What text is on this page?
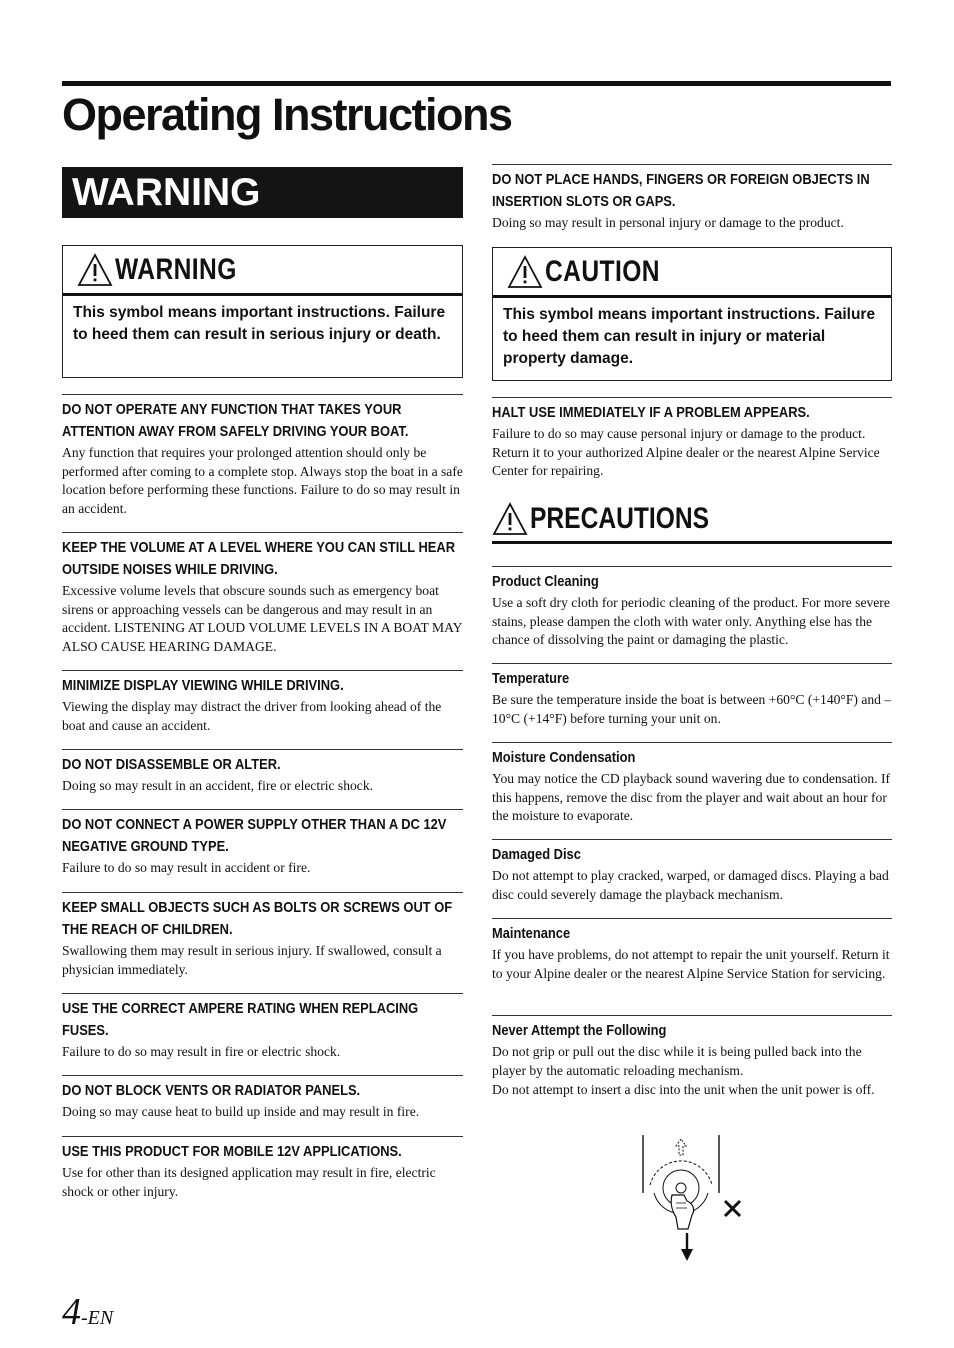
Operating Instructions
WARNING
WARNING
This symbol means important instructions. Failure to heed them can result in serious injury or death.
DO NOT OPERATE ANY FUNCTION THAT TAKES YOUR ATTENTION AWAY FROM SAFELY DRIVING YOUR BOAT.
Any function that requires your prolonged attention should only be performed after coming to a complete stop. Always stop the boat in a safe location before performing these functions. Failure to do so may result in an accident.
KEEP THE VOLUME AT A LEVEL WHERE YOU CAN STILL HEAR OUTSIDE NOISES WHILE DRIVING.
Excessive volume levels that obscure sounds such as emergency boat sirens or approaching vessels can be dangerous and may result in an accident. LISTENING AT LOUD VOLUME LEVELS IN A BOAT MAY ALSO CAUSE HEARING DAMAGE.
MINIMIZE DISPLAY VIEWING WHILE DRIVING.
Viewing the display may distract the driver from looking ahead of the boat and cause an accident.
DO NOT DISASSEMBLE OR ALTER.
Doing so may result in an accident, fire or electric shock.
DO NOT CONNECT A POWER SUPPLY OTHER THAN A DC 12V NEGATIVE GROUND TYPE.
Failure to do so may result in accident or fire.
KEEP SMALL OBJECTS SUCH AS BOLTS OR SCREWS OUT OF THE REACH OF CHILDREN.
Swallowing them may result in serious injury. If swallowed, consult a physician immediately.
USE THE CORRECT AMPERE RATING WHEN REPLACING FUSES.
Failure to do so may result in fire or electric shock.
DO NOT BLOCK VENTS OR RADIATOR PANELS.
Doing so may cause heat to build up inside and may result in fire.
USE THIS PRODUCT FOR MOBILE 12V APPLICATIONS.
Use for other than its designed application may result in fire, electric shock or other injury.
DO NOT PLACE HANDS, FINGERS OR FOREIGN OBJECTS IN INSERTION SLOTS OR GAPS.
Doing so may result in personal injury or damage to the product.
CAUTION
This symbol means important instructions. Failure to heed them can result in injury or material property damage.
HALT USE IMMEDIATELY IF A PROBLEM APPEARS.
Failure to do so may cause personal injury or damage to the product. Return it to your authorized Alpine dealer or the nearest Alpine Service Center for repairing.
PRECAUTIONS
Product Cleaning
Use a soft dry cloth for periodic cleaning of the product. For more severe stains, please dampen the cloth with water only. Anything else has the chance of dissolving the paint or damaging the plastic.
Temperature
Be sure the temperature inside the boat is between +60°C (+140°F) and –10°C (+14°F) before turning your unit on.
Moisture Condensation
You may notice the CD playback sound wavering due to condensation. If this happens, remove the disc from the player and wait about an hour for the moisture to evaporate.
Damaged Disc
Do not attempt to play cracked, warped, or damaged discs. Playing a bad disc could severely damage the playback mechanism.
Maintenance
If you have problems, do not attempt to repair the unit yourself. Return it to your Alpine dealer or the nearest Alpine Service Station for servicing.
Never Attempt the Following
Do not grip or pull out the disc while it is being pulled back into the player by the automatic reloading mechanism.
Do not attempt to insert a disc into the unit when the unit power is off.
4-EN
